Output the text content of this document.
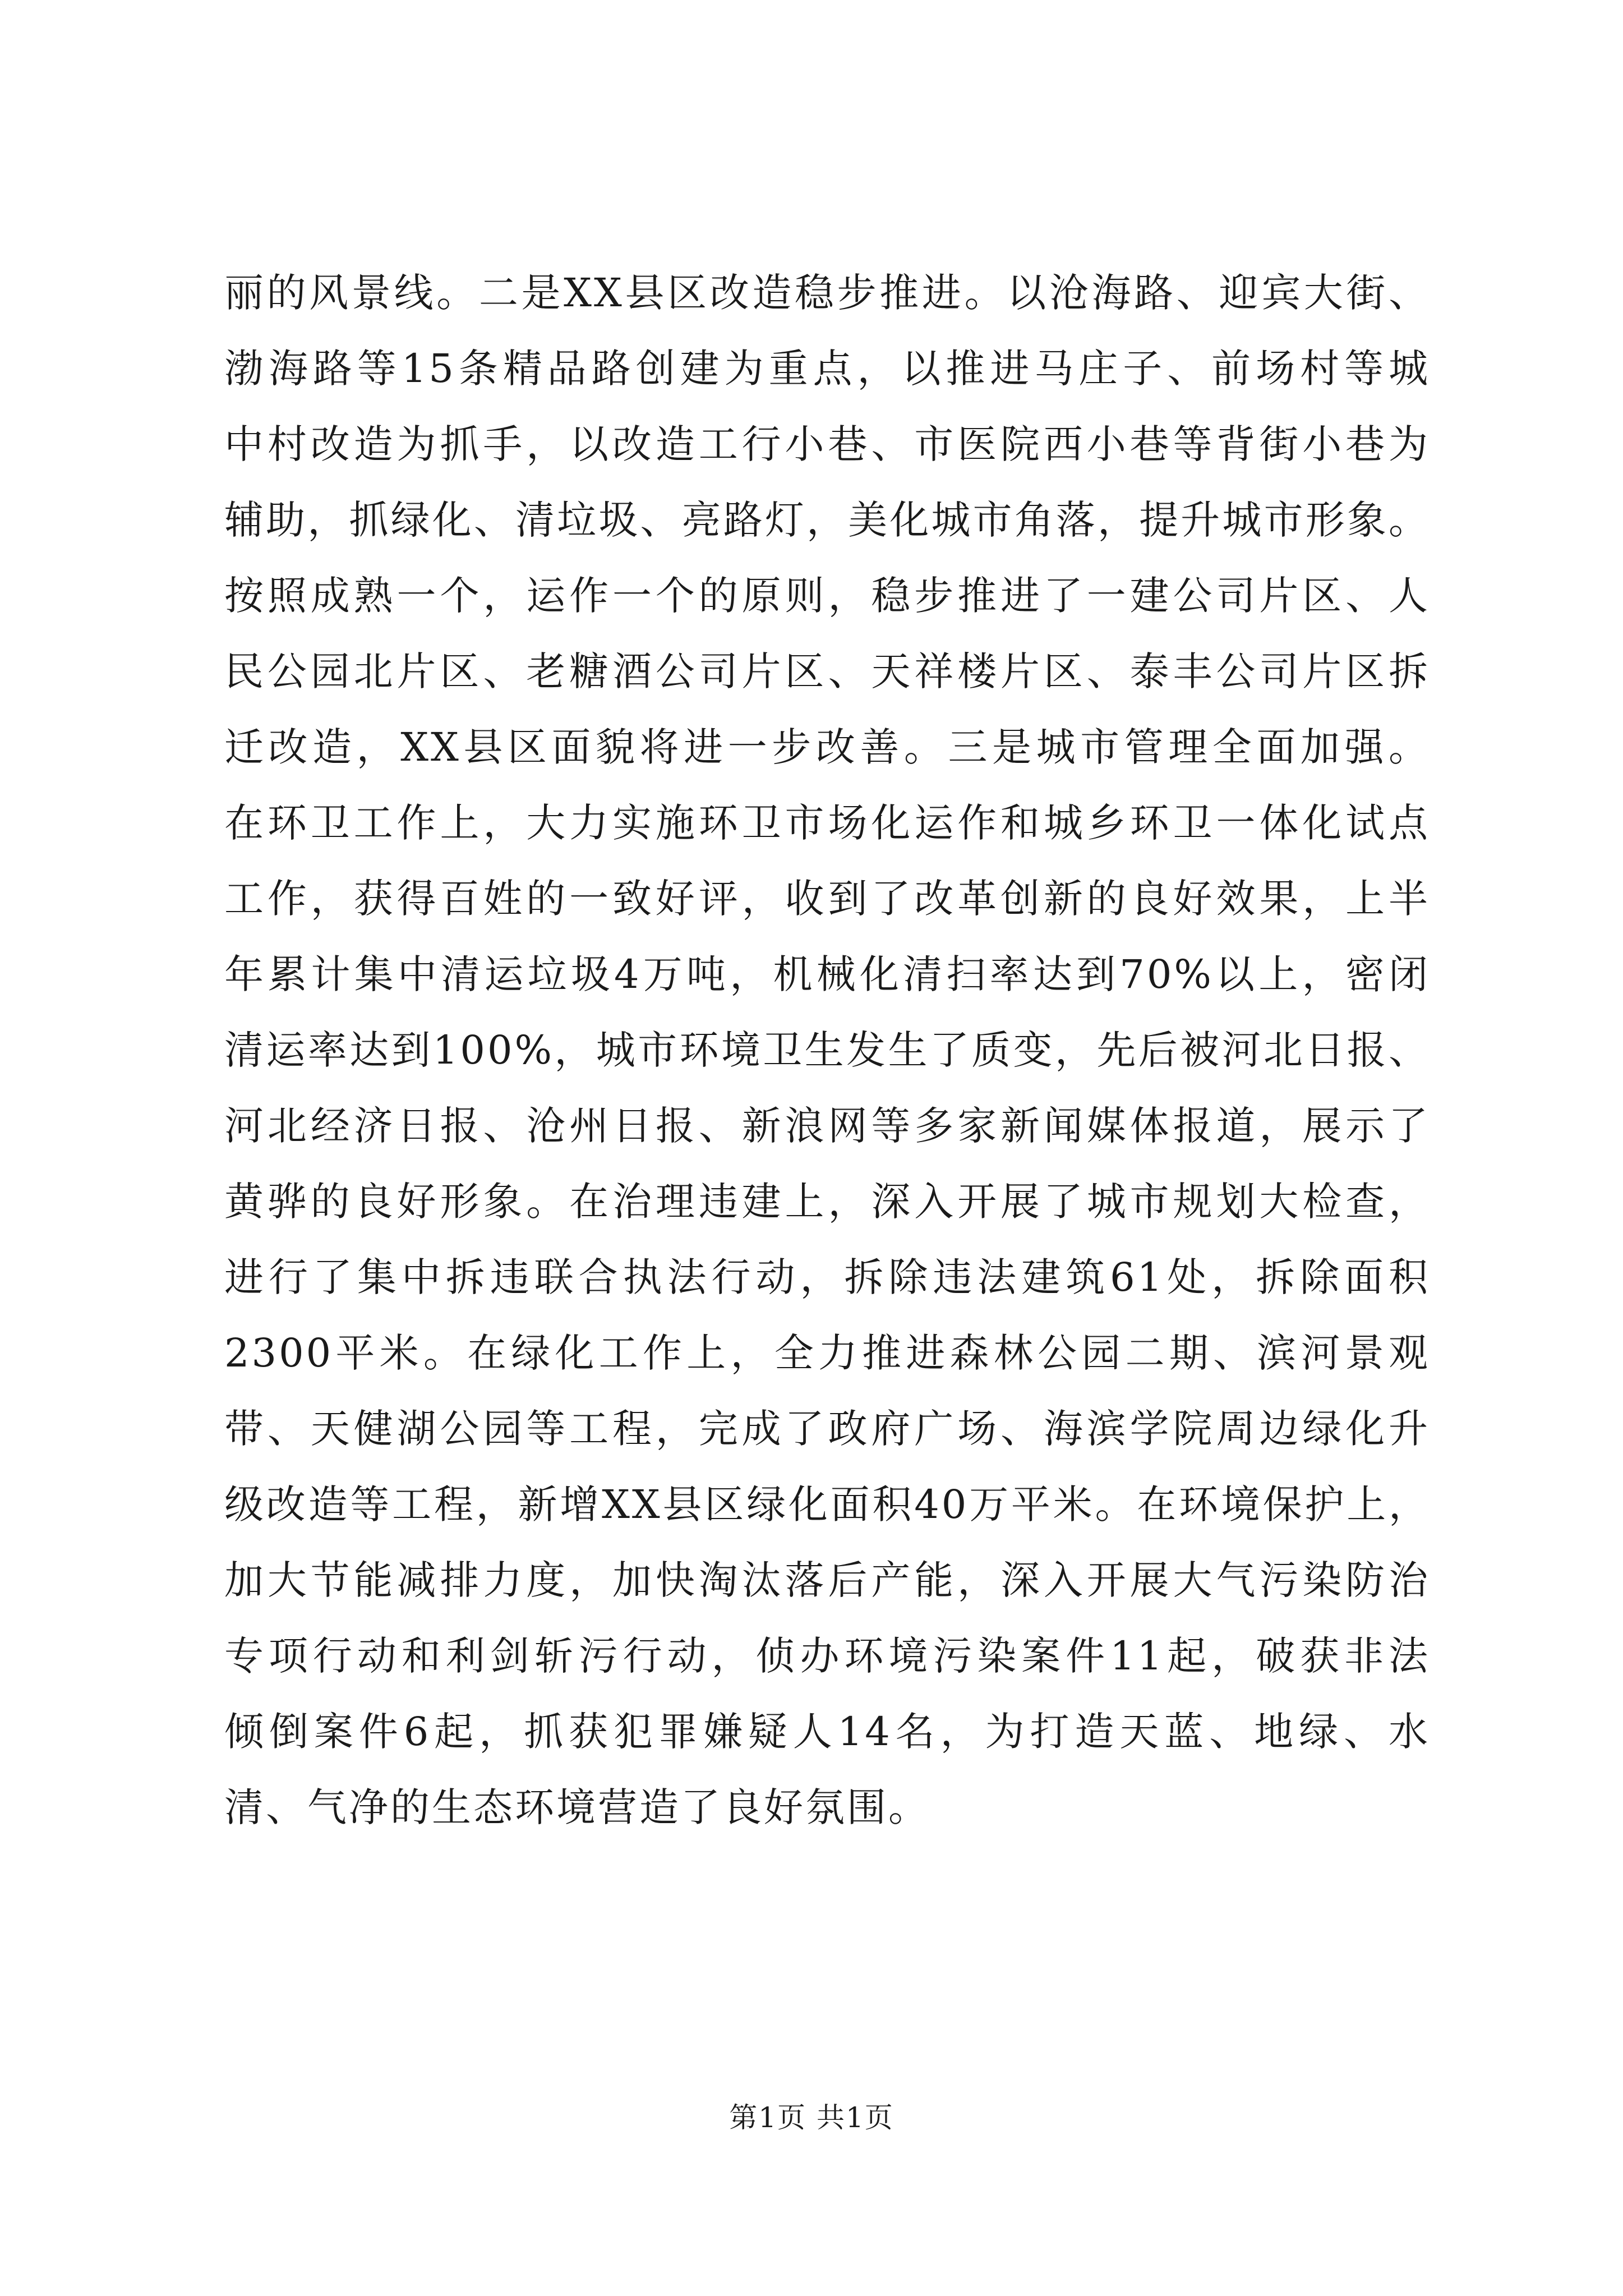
丽的风景线。二是XX县区改造稳步推进。以沧海路、迎宾大街、
渤海路等15条精品路创建为重点，以推进马庄子、前场村等城
中村改造为抓手，以改造工行小巷、市医院西小巷等背街小巷为
辅助，抓绿化、清垃圾、亮路灯，美化城市角落，提升城市形象。
按照成熟一个，运作一个的原则，稳步推进了一建公司片区、人
民公园北片区、老糖酒公司片区、天祥楼片区、泰丰公司片区拆
迁改造，XX县区面貌将进一步改善。三是城市管理全面加强。
在环卫工作上，大力实施环卫市场化运作和城乡环卫一体化试点
工作，获得百姓的一致好评，收到了改革创新的良好效果，上半
年累计集中清运垃圾4万吨，机械化清扫率达到70%以上，密闭
清运率达到100%，城市环境卫生发生了质变，先后被河北日报、
河北经济日报、沧州日报、新浪网等多家新闻媒体报道，展示了
黄骅的良好形象。在治理违建上，深入开展了城市规划大检查，
进行了集中拆违联合执法行动，拆除违法建筑61处，拆除面积
2300平米。在绿化工作上，全力推进森林公园二期、滨河景观
带、天健湖公园等工程，完成了政府广场、海滨学院周边绿化升
级改造等工程，新增XX县区绿化面积40万平米。在环境保护上，
加大节能减排力度，加快淘汰落后产能，深入开展大气污染防治
专项行动和利剑斩污行动，侦办环境污染案件11起，破获非法
倾倒案件6起，抓获犯罪嫌疑人14名，为打造天蓝、地绿、水
清、气净的生态环境营造了良好氛围。
第1页 共1页
